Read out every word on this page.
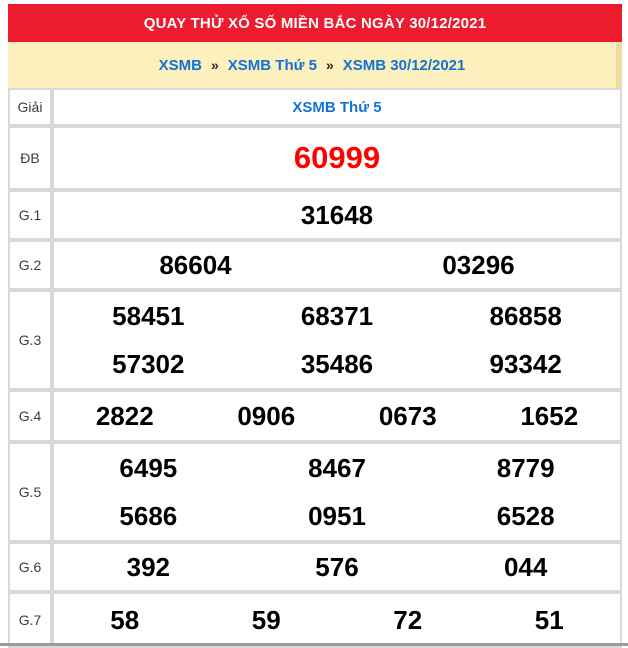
QUAY THỬ XỔ SỐ MIỀN BẮC NGÀY 30/12/2021
XSMB » XSMB Thứ 5 » XSMB 30/12/2021
Giải	XSMB Thứ 5
ĐB	60999
G.1	31648
G.2	86604	03296
G.3
58451	68371	86858
57302	35486	93342
G.4	2822	0906	0673	1652
G.5
6495	8467	8779
5686	0951	6528
G.6	392	576	044
G.7	58	59	72	51
